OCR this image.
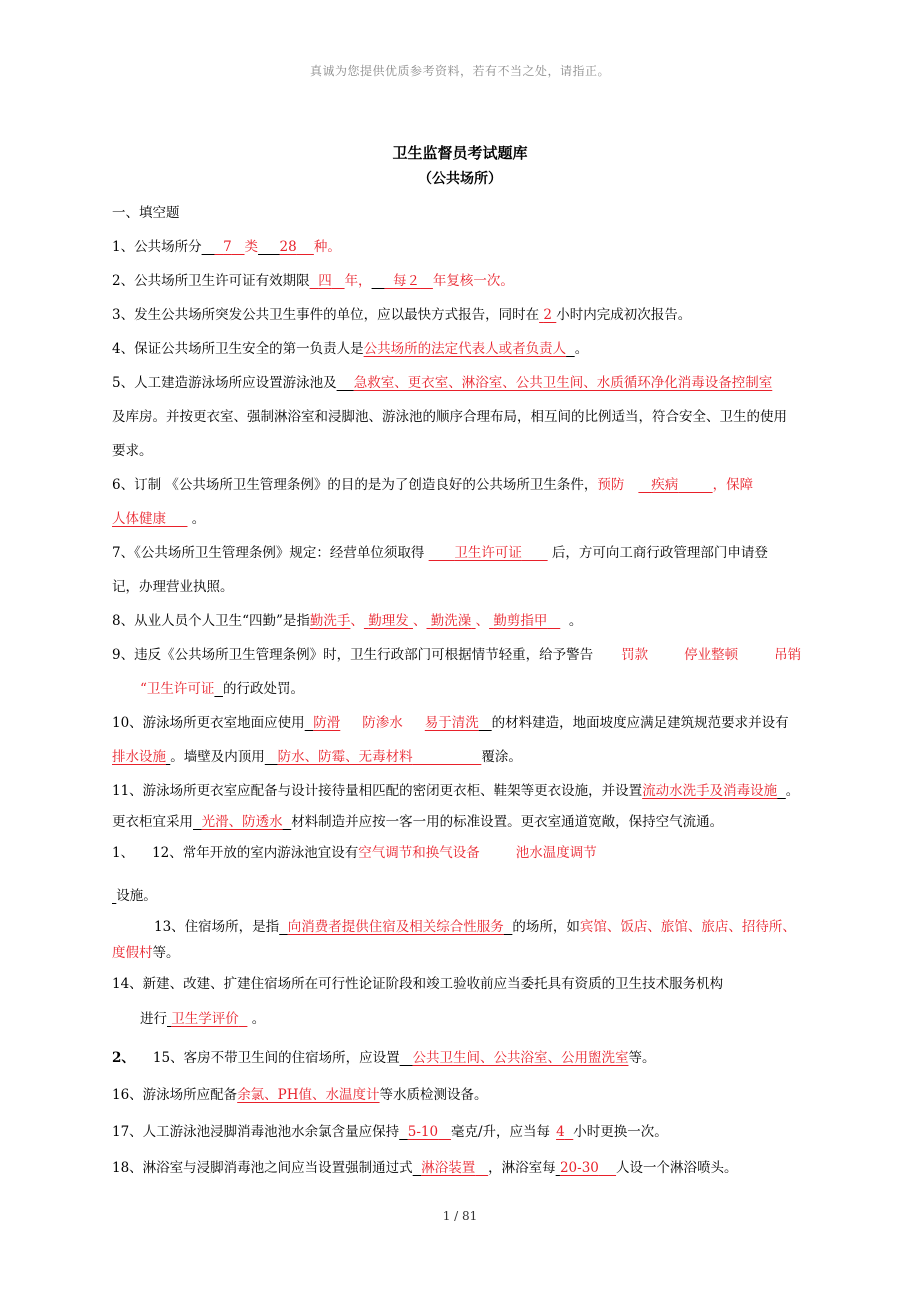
真诚为您提供优质参考资料，若有不当之处，请指正。
卫生监督员考试题库
（公共场所）
一、填空题
1、公共场所分 7 类 28 种。
2、公共场所卫生许可证有效期限 四 年， 每２ 年复核一次。
3、发生公共场所突发公共卫生事件的单位，应以最快方式报告，同时在 2 小时内完成初次报告。
4、保证公共场所卫生安全的第一负责人是公共场所的法定代表人或者负责人 。
5、人工建造游泳场所应设置游泳池及 急救室、更衣室、淋浴室、公共卫生间、水质循环净化消毒设备控制室
及库房。并按更衣室、强制淋浴室和浸脚池、游泳池的顺序合理布局，相互间的比例适当，符合安全、卫生的使用
要求。
6、订制 《公共场所卫生管理条例》的目的是为了创造良好的公共场所卫生条件，预防 疾病	，保障
人体健康 。
7、《公共场所卫生管理条例》规定：经营单位须取得 卫生许可证 后，方可向工商行政管理部门申请登
记，办理营业执照。
8、从业人员个人卫生“四勤”是指勤洗手、 勤理发 、 勤洗澡 、 勤剪指甲 。
9、违反《公共场所卫生管理条例》时，卫生行政部门可根据情节轻重，给予警告 罚款	停业整顿	吊销
“卫生许可证 的行政处罚。
10、游泳场所更衣室地面应使用 防滑 防渗水 易于清洗 的材料建造，地面坡度应满足建筑规范要求并设有
排水设施 。墙壁及内顶用 防水、防霉、无毒材料	覆涂。
11、游泳场所更衣室应配备与设计接待量相匹配的密闭更衣柜、鞋架等更衣设施，并设置流动水洗手及消毒设施 。
更衣柜宜采用 光滑、防透水 材料制造并应按一客一用的标准设置。更衣室通道宽敞，保持空气流通。
1、 12、常年开放的室内游泳池宜设有空气调节和换气设备	池水温度调节
设施。
13、住宿场所，是指 向消费者提供住宿及相关综合性服务 的场所，如宾馆、饭店、旅馆、旅店、招待所、
度假村等。
14、新建、改建、扩建住宿场所在可行性论证阶段和竣工验收前应当委托具有资质的卫生技术服务机构
进行 卫生学评价 。
2、 15、客房不带卫生间的住宿场所，应设置 公共卫生间、公共浴室、公用盥洗室等。
16、游泳场所应配备余氯、PH值、水温度计等水质检测设备。
17、人工游泳池浸脚消毒池池水余氯含量应保持 5-10 毫克/升，应当每 4 小时更换一次。
18、淋浴室与浸脚消毒池之间应当设置强制通过式 淋浴装置 ，淋浴室每 20-30 人设一个淋浴喷头。
1 / 81
